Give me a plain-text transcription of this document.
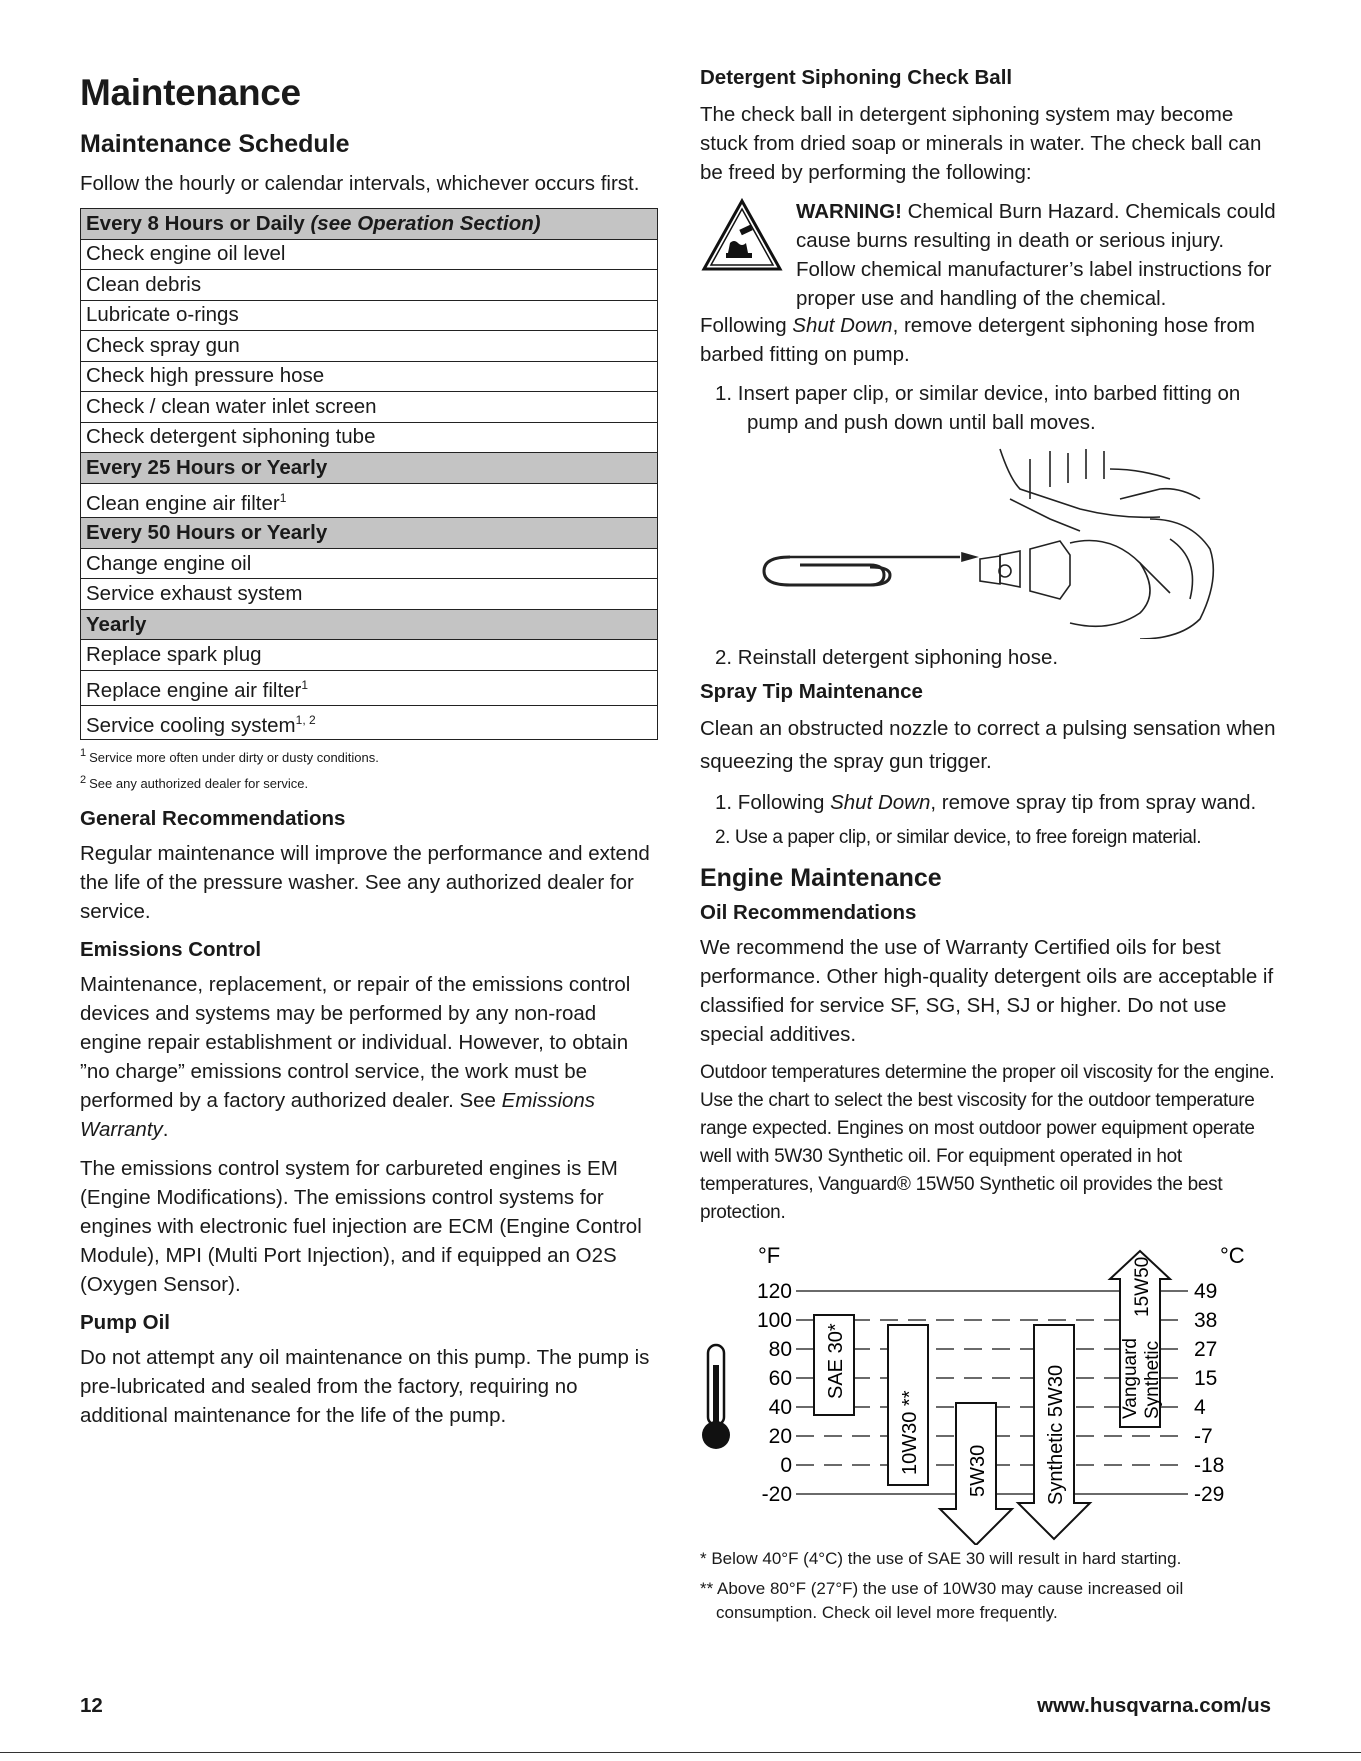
Maintenance
Maintenance Schedule

Follow the hourly or calendar intervals, whichever occurs first.

Every 8 Hours or Daily (see Operation Section)
Check engine oil level
Clean debris
Lubricate o-rings
Check spray gun
Check high pressure hose
Check / clean water inlet screen
Check detergent siphoning tube
Every 25 Hours or Yearly
Clean engine air filter$^1$
Every 50 Hours or Yearly
Change engine oil
Service exhaust system
Yearly
Replace spark plug
Replace engine air filter$^1$
Service cooling system$^{1, 2}$

$^1$ Service more often under dirty or dusty conditions.

$^2$ See any authorized dealer for service.

General Recommendations

Regular maintenance will improve the performance and extend the life of the pressure washer. See any authorized dealer for service.

Emissions Control

Maintenance, replacement, or repair of the emissions control devices and systems may be performed by any non-road engine repair establishment or individual. However, to obtain ”no charge” emissions control service, the work must be performed by a factory authorized dealer. See Emissions Warranty.

The emissions control system for carbureted engines is EM (Engine Modifications). The emissions control systems for engines with electronic fuel injection are ECM (Engine Control Module), MPI (Multi Port Injection), and if equipped an O2S (Oxygen Sensor).

Pump Oil

Do not attempt any oil maintenance on this pump. The pump is pre-lubricated and sealed from the factory, requiring no additional maintenance for the life of the pump.

Detergent Siphoning Check Ball

The check ball in detergent siphoning system may become stuck from dried soap or minerals in water. The check ball can be freed by performing the following:

WARNING! Chemical Burn Hazard. Chemicals could cause burns resulting in death or serious injury. Follow chemical manufacturer’s label instructions for proper use and handling of the chemical.

Following Shut Down, remove detergent siphoning hose from barbed fitting on pump.

1. Insert paper clip, or similar device, into barbed fitting on pump and push down until ball moves.
2. Reinstall detergent siphoning hose.
Spray Tip Maintenance

Clean an obstructed nozzle to correct a pulsing sensation when squeezing the spray gun trigger.

1. Following Shut Down, remove spray tip from spray wand.
2. Use a paper clip, or similar device, to free foreign material.
Engine Maintenance
Oil Recommendations

We recommend the use of Warranty Certified oils for best performance. Other high-quality detergent oils are acceptable if classified for service SF, SG, SH, SJ or higher. Do not use special additives.

Outdoor temperatures determine the proper oil viscosity for the engine. Use the chart to select the best viscosity for the outdoor temperature range expected. Engines on most outdoor power equipment operate well with 5W30 Synthetic oil. For equipment operated in hot temperatures, Vanguard® 15W50 Synthetic oil provides the best protection.

°F	°C
120	49
100	38
80	27
60	15
40	4
20	-7
0	-18
-20	-29
SAE 30*
10W30 ** 5W30	Synthetic 5W30	Vanguard Synthetic
15W50

* Below 40°F (4°C) the use of SAE 30 will result in hard starting.

** Above 80°F (27°F) the use of 10W30 may cause increased oil consumption. Check oil level more frequently.

12	www.husqvarna.com/us
